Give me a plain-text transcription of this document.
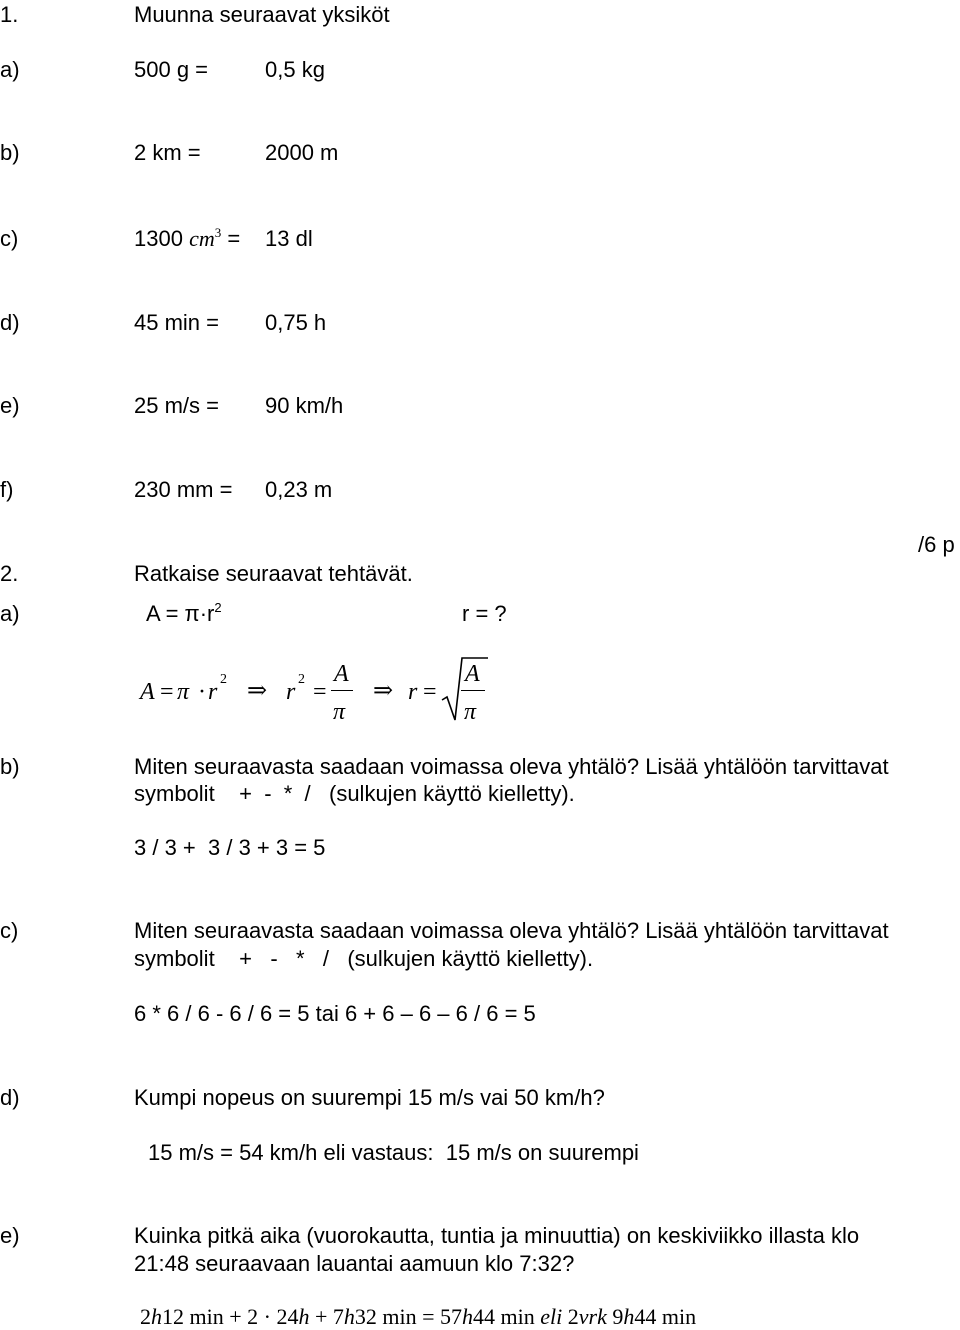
1.	Muunna seuraavat yksiköt
a)	500 g =	0,5 kg
b)	2 km =	2000 m
c)	1300 $cm^3 = 13$ dl
d)	45 min = 0,75 h
e)	25 m/s = 90 km/h
f)	230 mm = 0,23 m
/6 p
2.	Ratkaise seuraavat tehtävät.
a)	$A = \pi\cdot r^2$	r = ?
A = π · r 2 ⇒ r 2 =
A
π
⇒ r =
A
π
b)	Miten seuraavasta saadaan voimassa oleva yhtälö? Lisää yhtälöön tarvittavat
symbolit    +  -  *  /   (sulkujen käyttö kielletty).
3 / 3 +  3 / 3 + 3 = 5
c)	Miten seuraavasta saadaan voimassa oleva yhtälö? Lisää yhtälöön tarvittavat
symbolit    +   -   *   /   (sulkujen käyttö kielletty).
6 * 6 / 6 - 6 / 6 = 5 tai 6 + 6 – 6 – 6 / 6 = 5
d)	Kumpi nopeus on suurempi 15 m/s vai 50 km/h?
15 m/s = 54 km/h eli vastaus:  15 m/s on suurempi
e)	Kuinka pitkä aika (vuorokautta, tuntia ja minuuttia) on keskiviikko illasta klo
21:48 seuraavaan lauantai aamuun klo 7:32?
2h12 min + 2 · 24h + 7h32 min = 57h44 min eli 2vrk 9h44 min
